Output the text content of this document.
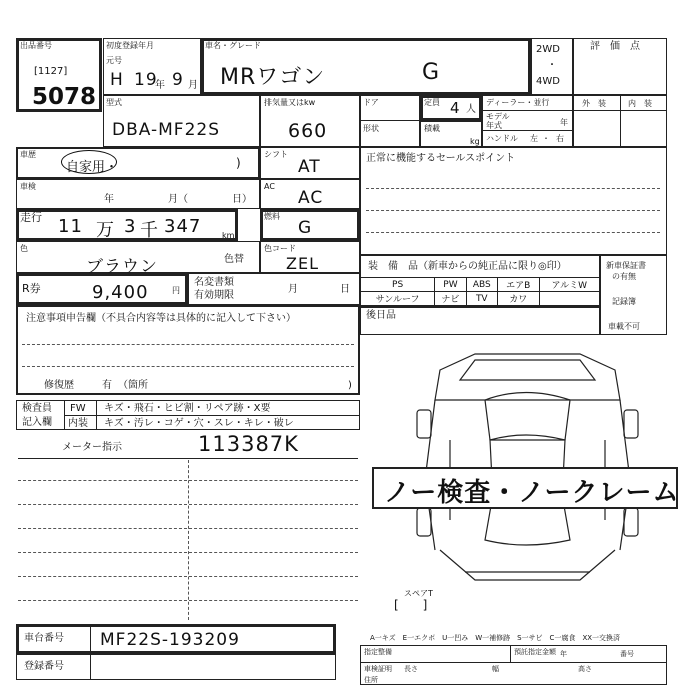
出品番号
[1127]
5078
初度登録年月
元号
H 19
年 9 月
車名・グレード
MRワゴン	G
2WD
・
4WD
評　価　点
型式
DBA-MF22S
排気量又はkw
660
ドア
形状
定員 4 人
積載
kg
ディーラー・並行
モデル年式	年
ハンドル 左 ・ 右
外　装	内　装
車歴
自家用・	)
シフト
AT
車検
年	月（	日）
AC
AC
走行 11 万 3 千 347	km
燃料
G
色
ブラウン	色替
色コード
ZEL
R券	9,400	円
名変書類
有効期限
月	日
注意事項申告欄（不具合内容等は具体的に記入して下さい）
修復歴	有 （箇所	)
検査員
記入欄
FW キズ・飛石・ヒビ割・リペア跡・X要
内装 キズ・汚レ・コゲ・穴・スレ・キレ・破レ
メーター指示	113387K
正常に機能するセールスポイント
装　備　品（新車からの純正品に限り◎印）
PS	PW	ABS	エアB	アルミW
サンルーフ	ナビ	TV	カワ	
新車保証書
の有無
記録簿
車載不可
後日品
ノー検査・ノークレーム
スペアT
[　　]
車台番号 MF22S-193209
登録番号
A一キズ　E一エクボ　U一凹み　W一補修跡　S一サビ　C一腐食　XX一交換済
指定整備	預託指定金額
車検証明 長さ	幅	高さ
住所
年	番号
